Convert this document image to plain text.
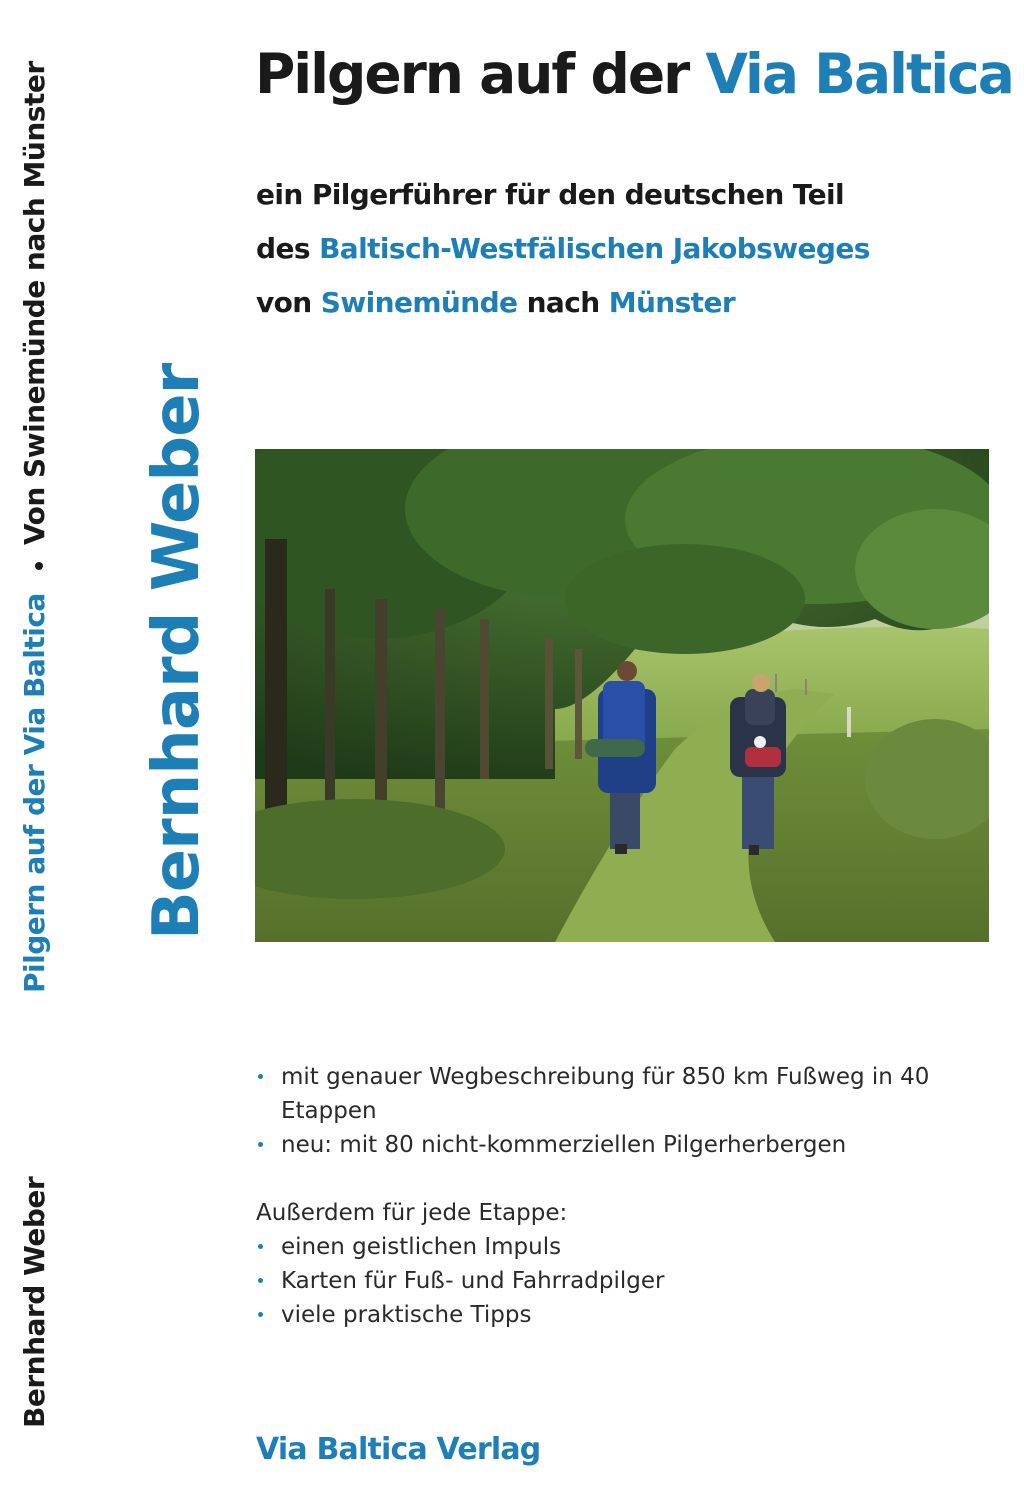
Von Swinemünde nach Münster
Pilgern auf der Via Baltica
Bernhard Weber
Bernhard Weber
Pilgern auf der Via Baltica
ein Pilgerführer für den deutschen Teil
des Baltisch-Westfälischen Jakobsweges
von Swinemünde nach Münster
mit genauer Wegbeschreibung für 850 km Fußweg in 40 Etappen
neu: mit 80 nicht-kommerziellen Pilgerherbergen

Außerdem für jede Etappe:

einen geistlichen Impuls
Karten für Fuß- und Fahrradpilger
viele praktische Tipps

Via Baltica Verlag
